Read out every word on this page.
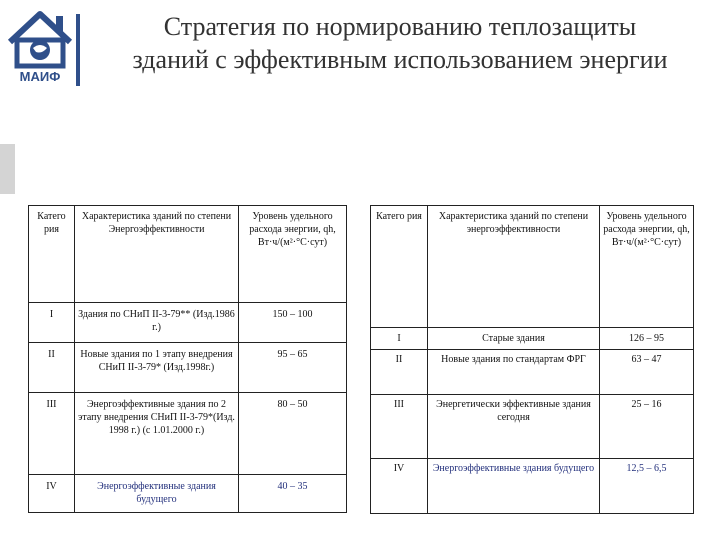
МАИФ
Стратегия по нормированию теплозащиты
зданий с эффективным использованием энергии
Катего рия	Характеристика зданий по степени Энергоэффективности	Уровень удельного расхода энергии, qh, Вт·ч/(м²·°С·сут)
I	Здания по СНиП II-3-79** (Изд.1986 г.)	150 – 100
II	Новые здания по 1 этапу внедрения СНиП II-3-79* (Изд.1998г.)	95 – 65
III	Энергоэффективные здания по 2 этапу внедрения СНиП II-3-79*(Изд. 1998 г.) (с 1.01.2000 г.)	80 – 50
IV	Энергоэффективные здания будущего	40 – 35
Катего рия	Характеристика зданий по степени энергоэффективности	Уровень удельного расхода энергии, qh, Вт·ч/(м²·°С·сут)
I	Старые здания	126 – 95
II	Новые здания по стандартам ФРГ	63 – 47
III	Энергетически эффективные здания сегодня	25 – 16
IV	Энергоэффективные здания будущего	12,5 – 6,5
